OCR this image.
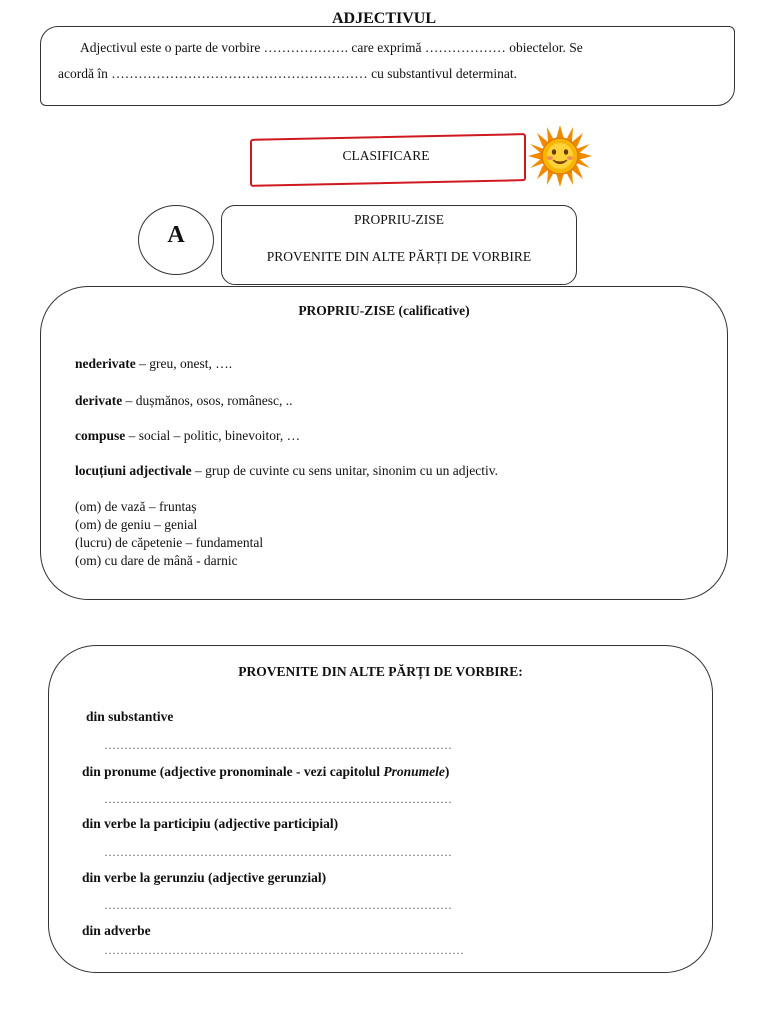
ADJECTIVUL
Adjectivul este o parte de vorbire ………………. care exprimă ……………… obiectelor. Se
acordă în ………………………………………………… cu substantivul determinat.
CLASIFICARE
A
PROPRIU-ZISE
PROVENITE DIN ALTE PĂRȚI DE VORBIRE
PROPRIU-ZISE (calificative)
nederivate – greu, onest, ….
derivate – dușmănos, osos, românesc, ..
compuse – social – politic, binevoitor, …
locuțiuni adjectivale – grup de cuvinte cu sens unitar, sinonim cu un adjectiv.
(om) de vază – fruntaș
(om) de geniu – genial
(lucru) de căpetenie – fundamental
(om) cu dare de mână - darnic
PROVENITE DIN ALTE PĂRȚI DE VORBIRE:
din substantive
……………………………………………………………………………
din pronume (adjective pronominale - vezi capitolul Pronumele)
……………………………………………………………………………
din verbe la participiu (adjective participial)
……………………………………………………………………………
din verbe la gerunziu (adjective gerunzial)
……………………………………………………………………………
din adverbe
………………………………………………………………………………
